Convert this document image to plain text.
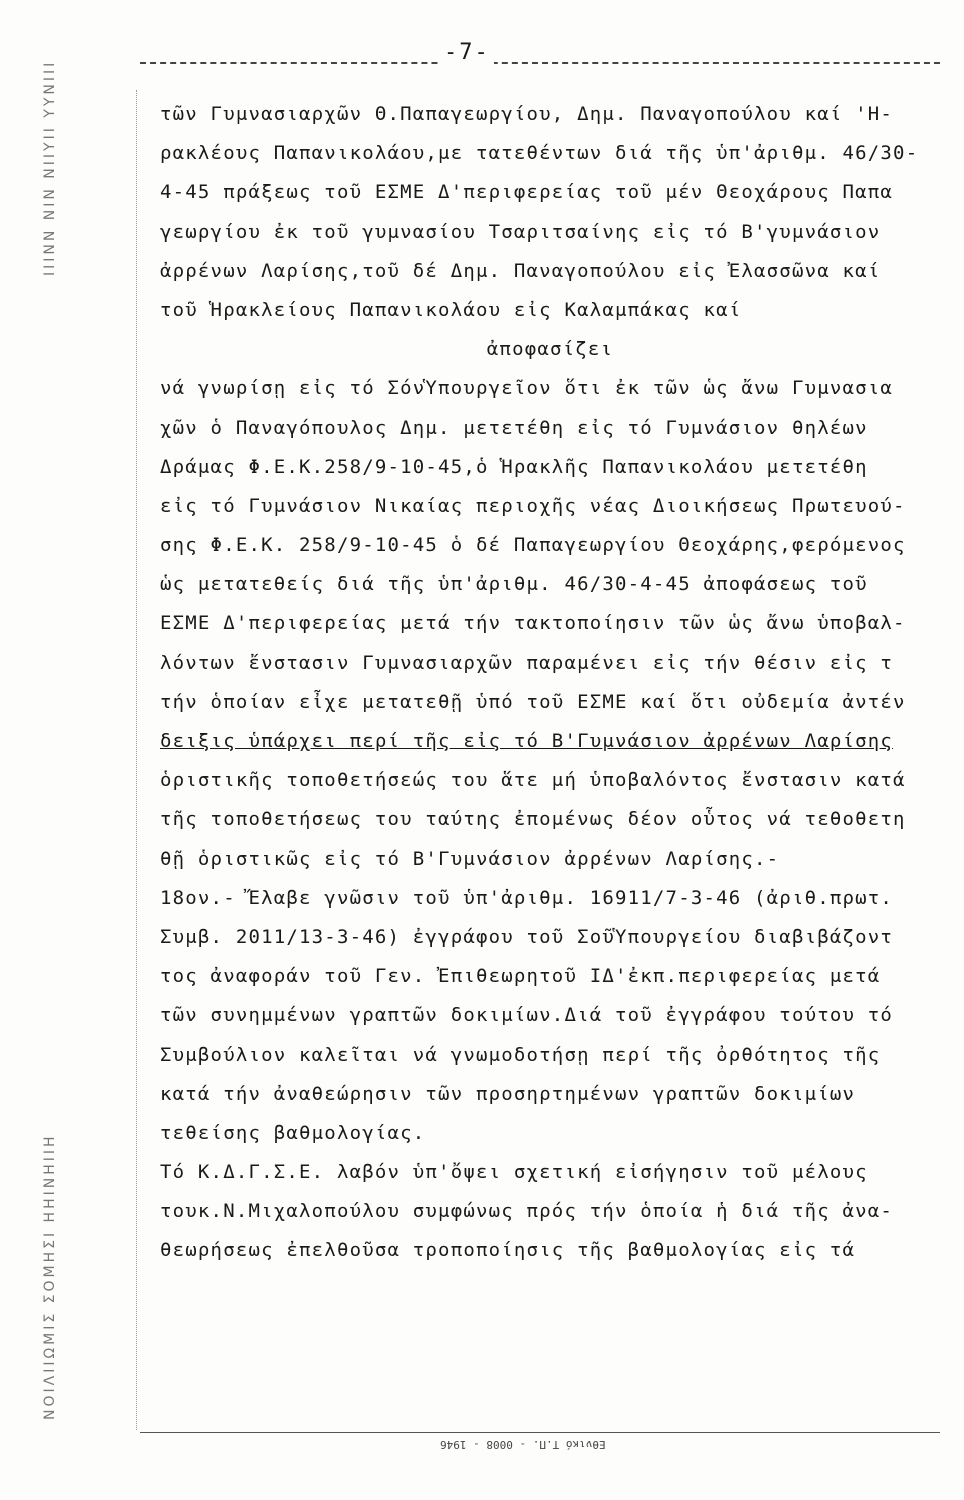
ΝΟΙΛΙΙΩΜΙΣ ΣΟΜΗΣΙ ΗΗΙΝΗΙΙΗ
ΙΙΙΝΝ ΝΙΝ ΝΙΙΥΙΙ ΥΥΝΙΙΙ
-7-
τῶν Γυμνασιαρχῶν Θ.Παπαγεωργίου, Δημ. Παναγοπούλου καί 'Η-
ρακλέους Παπανικολάου,με τατεθέντων διά τῆς ὑπ'ἀριθμ. 46/30-
4-45 πράξεως τοῦ ΕΣΜΕ Δ'περιφερείας τοῦ μέν Θεοχάρους Παπα
γεωργίου ἐκ τοῦ γυμνασίου Τσαριτσαίνης εἰς τό Β'γυμνάσιον
ἀρρένων Λαρίσης,τοῦ δέ Δημ. Παναγοπούλου εἰς Ἐλασσῶνα καί
τοῦ Ἡρακλείους Παπανικολάου εἰς Καλαμπάκας καί
ἀποφασίζει
νά γνωρίσῃ εἰς τό ΣόνὙπουργεῖον ὅτι ἐκ τῶν ὡς ἄνω Γυμνασια
χῶν ὁ Παναγόπουλος Δημ. μετετέθη εἰς τό Γυμνάσιον θηλέων
Δράμας Φ.Ε.Κ.258/9-10-45,ὁ Ἡρακλῆς Παπανικολάου μετετέθη
εἰς τό Γυμνάσιον Νικαίας περιοχῆς νέας Διοικήσεως Πρωτευού-
σης Φ.Ε.Κ. 258/9-10-45 ὁ δέ Παπαγεωργίου Θεοχάρης,φερόμενος
ὡς μετατεθείς διά τῆς ὑπ'ἀριθμ. 46/30-4-45 ἀποφάσεως τοῦ
ΕΣΜΕ Δ'περιφερείας μετά τήν τακτοποίησιν τῶν ὡς ἄνω ὑποβαλ-
λόντων ἔνστασιν Γυμνασιαρχῶν παραμένει εἰς τήν θέσιν εἰς τ
τήν ὁποίαν εἶχε μετατεθῇ ὑπό τοῦ ΕΣΜΕ καί ὅτι οὐδεμία ἀντέν
δειξις ὑπάρχει περί τῆς εἰς τό Β'Γυμνάσιον ἀρρένων Λαρίσης
ὁριστικῆς τοποθετήσεώς του ἅτε μή ὑποβαλόντος ἔνστασιν κατά
τῆς τοποθετήσεως του ταύτης ἐπομένως δέον οὗτος νά τεθοθετη
θῇ ὁριστικῶς εἰς τό Β'Γυμνάσιον ἀρρένων Λαρίσης.-
18ον.- Ἔλαβε γνῶσιν τοῦ ὑπ'ἀριθμ. 16911/7-3-46 (ἀριθ.πρωτ.
Συμβ. 2011/13-3-46) ἐγγράφου τοῦ ΣοῦὙπουργείου διαβιβάζοντ
τος ἀναφοράν τοῦ Γεν. Ἐπιθεωρητοῦ ΙΔ'ἐκπ.περιφερείας μετά
τῶν συνημμένων γραπτῶν δοκιμίων.Διά τοῦ ἐγγράφου τούτου τό
Συμβούλιον καλεῖται νά γνωμοδοτήσῃ περί τῆς ὀρθότητος τῆς
κατά τήν ἀναθεώρησιν τῶν προσηρτημένων γραπτῶν δοκιμίων
τεθείσης βαθμολογίας.
Τό Κ.Δ.Γ.Σ.Ε. λαβόν ὑπ'ὄψει σχετική εἰσήγησιν τοῦ μέλους
τουκ.Ν.Μιχαλοπούλου συμφώνως πρός τήν ὁποία ἡ διά τῆς ἀνα-
θεωρήσεως ἐπελθοῦσα τροποποίησις τῆς βαθμολογίας εἰς τά
Εθνικό Τ.Π. - 0008 - 1946
